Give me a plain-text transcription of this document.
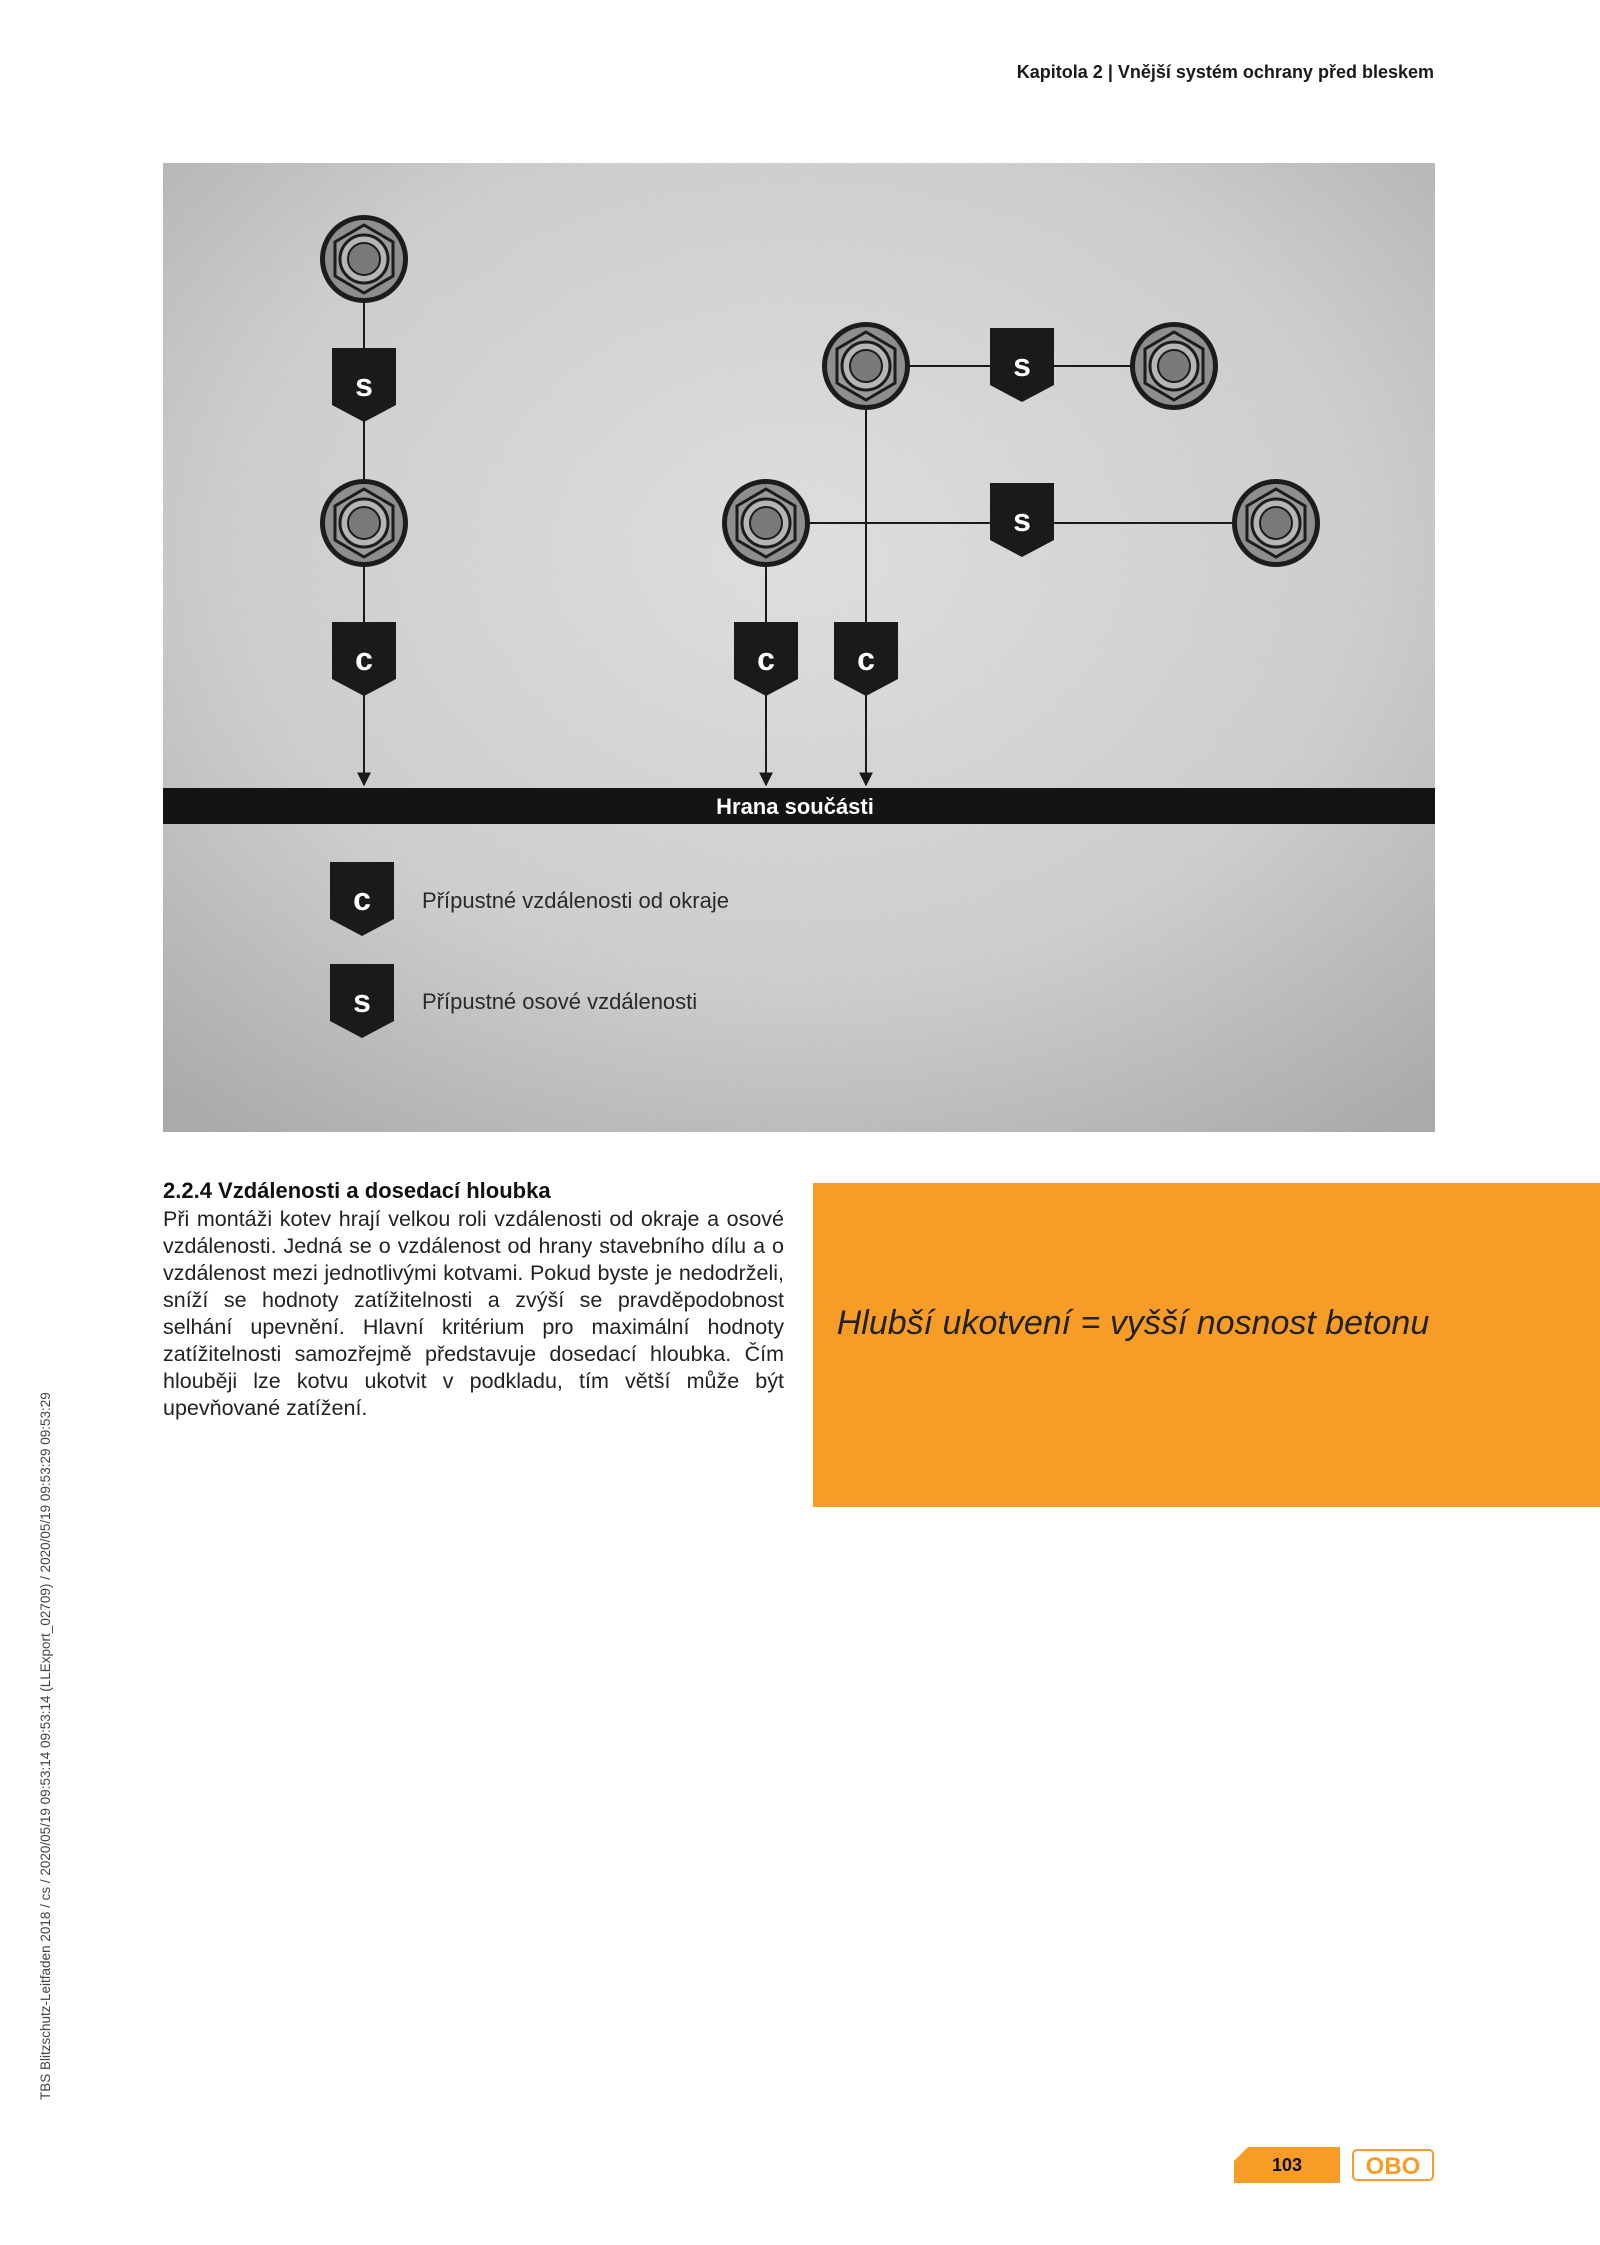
Kapitola 2 | Vnější systém ochrany před bleskem
TBS Blitzschutz-Leitfaden 2018 / cs / 2020/05/19 09:53:14 09:53:14 (LLExport_02709) / 2020/05/19 09:53:29 09:53:29
s
s
s
c	c	c
Hrana součásti
c Přípustné vzdálenosti od okraje
s Přípustné osové vzdálenosti
2.2.4 Vzdálenosti a dosedací hloubka

Při montáži kotev hrají velkou roli vzdálenosti od okraje a osové vzdálenosti. Jedná se o vzdálenost od hrany stavebního dílu a o vzdálenost mezi jednotlivými kotvami. Pokud byste je nedodrželi, sníží se hodnoty zatížitelnosti a zvýší se pravděpodobnost selhání upevnění. Hlavní kritérium pro maximální hodnoty zatížitelnosti samozřejmě představuje dosedací hloubka. Čím hlouběji lze kotvu ukotvit v podkladu, tím větší může být upevňované zatížení.

Hlubší ukotvení = vyšší nosnost betonu
103	OBO
